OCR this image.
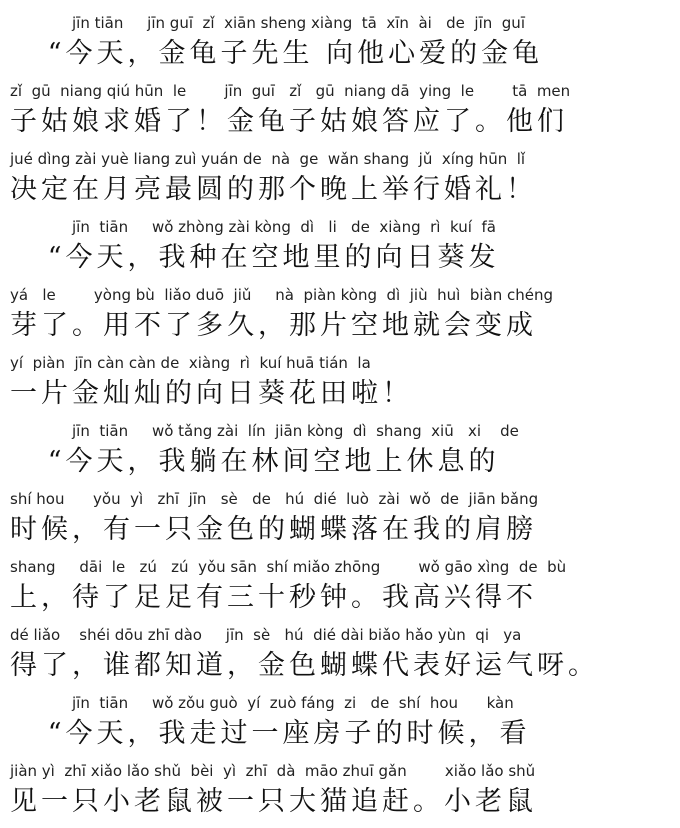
jīn tiān     jīn guī  zǐ  xiān sheng xiàng  tā  xīn  ài   de  jīn  guī
“今天，金龟子先生 向他心爱的金龟
zǐ  gū  niang qiú hūn  le        jīn  guī   zǐ   gū  niang dā  ying  le        tā  men
子姑娘求婚了！金龟子姑娘答应了。他们
jué dìng zài yuè liang zuì yuán de  nà  ge  wǎn shang  jǔ  xíng hūn  lǐ
决定在月亮最圆的那个晚上举行婚礼！
jīn  tiān     wǒ zhòng zài kòng  dì   li   de  xiàng  rì  kuí  fā
“今天，我种在空地里的向日葵发
yá   le        yòng bù  liǎo duō  jiǔ     nà  piàn kòng  dì  jiù  huì  biàn chéng
芽了。用不了多久，那片空地就会变成
yí  piàn  jīn càn càn de  xiàng  rì  kuí huā tián  la
一片金灿灿的向日葵花田啦！
jīn  tiān     wǒ tǎng zài  lín  jiān kòng  dì  shang  xiū   xi    de
“今天，我躺在林间空地上休息的
shí hou      yǒu  yì   zhī  jīn   sè   de   hú  dié  luò  zài  wǒ  de  jiān bǎng
时候，有一只金色的蝴蝶落在我的肩膀
shang     dāi  le   zú   zú  yǒu sān  shí miǎo zhōng        wǒ gāo xìng  de  bù
上，待了足足有三十秒钟。我高兴得不
dé liǎo    shéi dōu zhī dào     jīn  sè   hú  dié dài biǎo hǎo yùn  qi   ya
得了，谁都知道，金色蝴蝶代表好运气呀。
jīn  tiān     wǒ zǒu guò  yí  zuò fáng  zi   de  shí  hou      kàn
“今天，我走过一座房子的时候，看
jiàn yì  zhī xiǎo lǎo shǔ  bèi  yì  zhī  dà  māo zhuī gǎn        xiǎo lǎo shǔ
见一只小老鼠被一只大猫追赶。小老鼠
